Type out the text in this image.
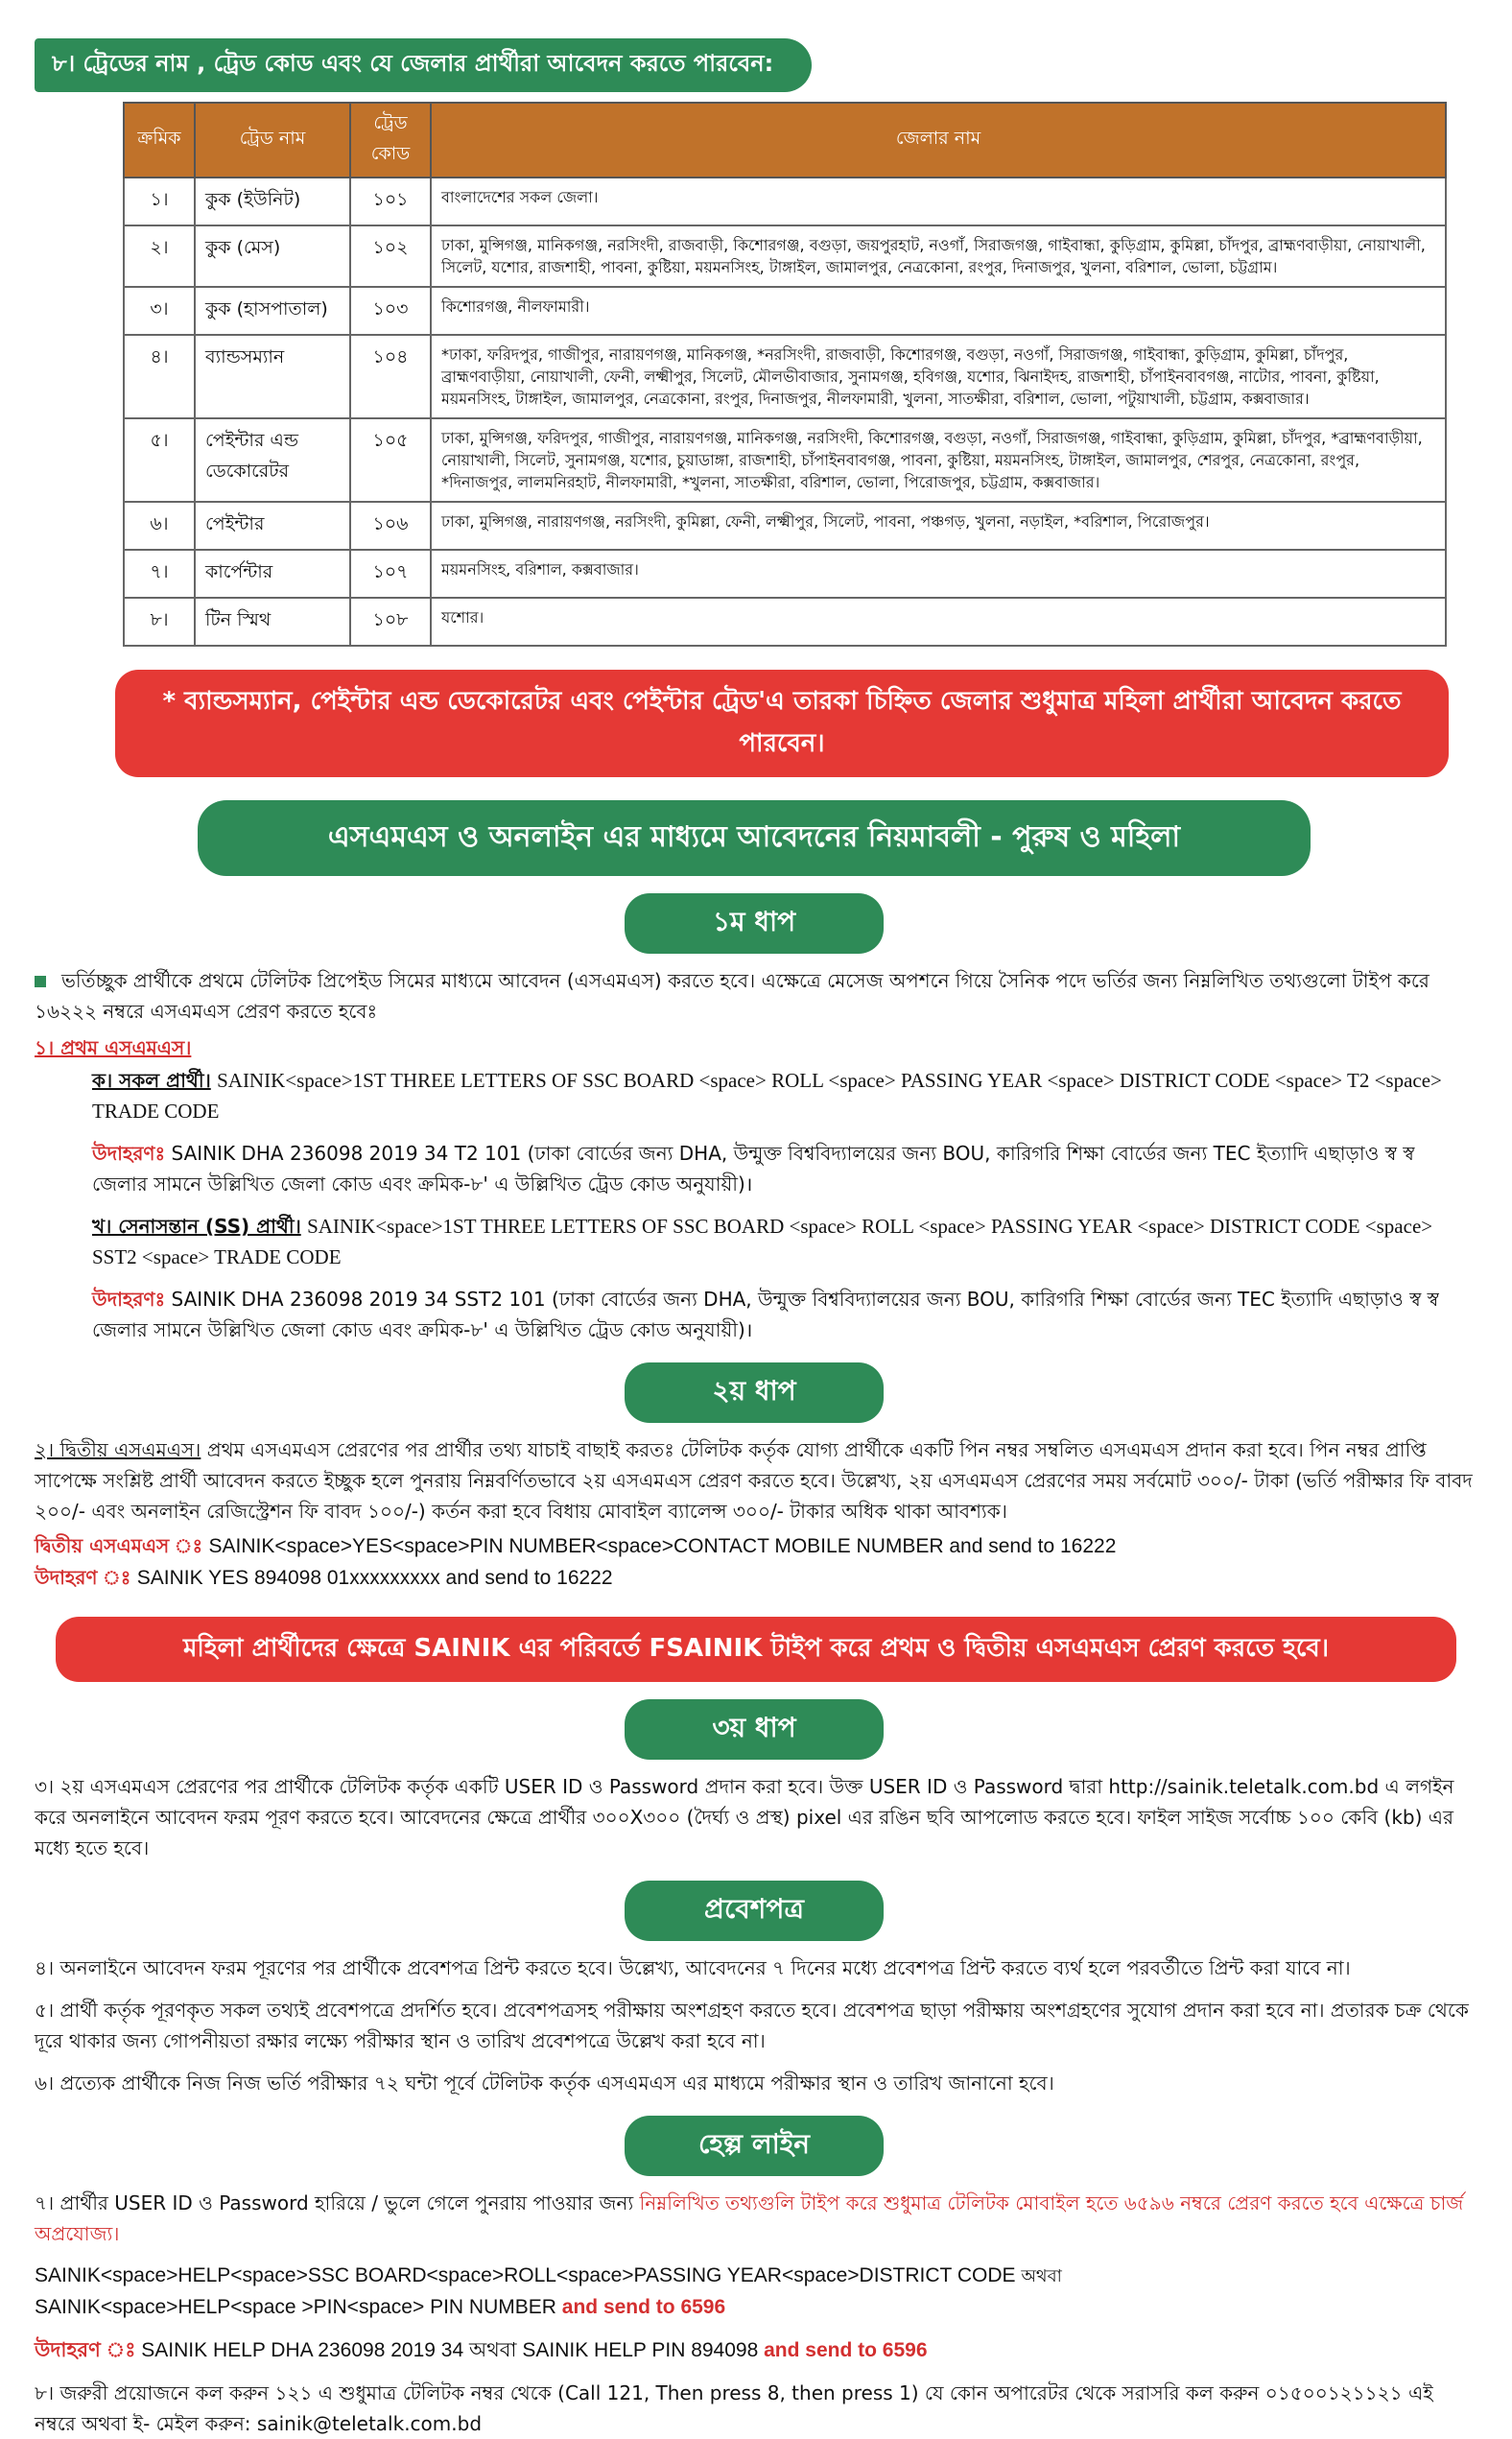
৮। ট্রেডের নাম , ট্রেড কোড এবং যে জেলার প্রার্থীরা আবেদন করতে পারবেন:
ক্রমিক	ট্রেড নাম	ট্রেড কোড	জেলার নাম
১।	কুক (ইউনিট)	১০১	বাংলাদেশের সকল জেলা।
২।	কুক (মেস)	১০২	ঢাকা, মুন্সিগঞ্জ, মানিকগঞ্জ, নরসিংদী, রাজবাড়ী, কিশোরগঞ্জ, বগুড়া, জয়পুরহাট, নওগাঁ, সিরাজগঞ্জ, গাইবান্ধা, কুড়িগ্রাম, কুমিল্লা, চাঁদপুর, ব্রাহ্মণবাড়ীয়া, নোয়াখালী, সিলেট, যশোর, রাজশাহী, পাবনা, কুষ্টিয়া, ময়মনসিংহ, টাঙ্গাইল, জামালপুর, নেত্রকোনা, রংপুর, দিনাজপুর, খুলনা, বরিশাল, ভোলা, চট্টগ্রাম।
৩।	কুক (হাসপাতাল)	১০৩	কিশোরগঞ্জ, নীলফামারী।
৪।	ব্যান্ডসম্যান	১০৪	*ঢাকা, ফরিদপুর, গাজীপুর, নারায়ণগঞ্জ, মানিকগঞ্জ, *নরসিংদী, রাজবাড়ী, কিশোরগঞ্জ, বগুড়া, নওগাঁ, সিরাজগঞ্জ, গাইবান্ধা, কুড়িগ্রাম, কুমিল্লা, চাঁদপুর, ব্রাহ্মণবাড়ীয়া, নোয়াখালী, ফেনী, লক্ষ্মীপুর, সিলেট, মৌলভীবাজার, সুনামগঞ্জ, হবিগঞ্জ, যশোর, ঝিনাইদহ, রাজশাহী, চাঁপাইনবাবগঞ্জ, নাটোর, পাবনা, কুষ্টিয়া, ময়মনসিংহ, টাঙ্গাইল, জামালপুর, নেত্রকোনা, রংপুর, দিনাজপুর, নীলফামারী, খুলনা, সাতক্ষীরা, বরিশাল, ভোলা, পটুয়াখালী, চট্টগ্রাম, কক্সবাজার।
৫।	পেইন্টার এন্ড ডেকোরেটর	১০৫	ঢাকা, মুন্সিগঞ্জ, ফরিদপুর, গাজীপুর, নারায়ণগঞ্জ, মানিকগঞ্জ, নরসিংদী, কিশোরগঞ্জ, বগুড়া, নওগাঁ, সিরাজগঞ্জ, গাইবান্ধা, কুড়িগ্রাম, কুমিল্লা, চাঁদপুর, *ব্রাহ্মণবাড়ীয়া, নোয়াখালী, সিলেট, সুনামগঞ্জ, যশোর, চুয়াডাঙ্গা, রাজশাহী, চাঁপাইনবাবগঞ্জ, পাবনা, কুষ্টিয়া, ময়মনসিংহ, টাঙ্গাইল, জামালপুর, শেরপুর, নেত্রকোনা, রংপুর, *দিনাজপুর, লালমনিরহাট, নীলফামারী, *খুলনা, সাতক্ষীরা, বরিশাল, ভোলা, পিরোজপুর, চট্টগ্রাম, কক্সবাজার।
৬।	পেইন্টার	১০৬	ঢাকা, মুন্সিগঞ্জ, নারায়ণগঞ্জ, নরসিংদী, কুমিল্লা, ফেনী, লক্ষ্মীপুর, সিলেট, পাবনা, পঞ্চগড়, খুলনা, নড়াইল, *বরিশাল, পিরোজপুর।
৭।	কার্পেন্টার	১০৭	ময়মনসিংহ, বরিশাল, কক্সবাজার।
৮।	টিন স্মিথ	১০৮	যশোর।
* ব্যান্ডসম্যান, পেইন্টার এন্ড ডেকোরেটর এবং পেইন্টার ট্রেড'এ তারকা চিহ্নিত জেলার শুধুমাত্র মহিলা প্রার্থীরা আবেদন করতে পারবেন।
এসএমএস ও অনলাইন এর মাধ্যমে আবেদনের নিয়মাবলী - পুরুষ ও মহিলা
১ম ধাপ

ভর্তিচ্ছুক প্রার্থীকে প্রথমে টেলিটক প্রিপেইড সিমের মাধ্যমে আবেদন (এসএমএস) করতে হবে। এক্ষেত্রে মেসেজ অপশনে গিয়ে সৈনিক পদে ভর্তির জন্য নিম্নলিখিত তথ্যগুলো টাইপ করে ১৬২২২ নম্বরে এসএমএস প্রেরণ করতে হবেঃ

১। প্রথম এসএমএস।

ক। সকল প্রার্থী। SAINIK<space>1ST THREE LETTERS OF SSC BOARD <space> ROLL <space> PASSING YEAR <space> DISTRICT CODE <space> T2 <space> TRADE CODE

উদাহরণঃ SAINIK DHA 236098 2019 34 T2 101 (ঢাকা বোর্ডের জন্য DHA, উন্মুক্ত বিশ্ববিদ্যালয়ের জন্য BOU, কারিগরি শিক্ষা বোর্ডের জন্য TEC ইত্যাদি এছাড়াও স্ব স্ব জেলার সামনে উল্লিখিত জেলা কোড এবং ক্রমিক-৮' এ উল্লিখিত ট্রেড কোড অনুযায়ী)।

খ। সেনাসন্তান (SS) প্রার্থী। SAINIK<space>1ST THREE LETTERS OF SSC BOARD <space> ROLL <space> PASSING YEAR <space> DISTRICT CODE <space> SST2 <space> TRADE CODE

উদাহরণঃ SAINIK DHA 236098 2019 34 SST2 101 (ঢাকা বোর্ডের জন্য DHA, উন্মুক্ত বিশ্ববিদ্যালয়ের জন্য BOU, কারিগরি শিক্ষা বোর্ডের জন্য TEC ইত্যাদি এছাড়াও স্ব স্ব জেলার সামনে উল্লিখিত জেলা কোড এবং ক্রমিক-৮' এ উল্লিখিত ট্রেড কোড অনুযায়ী)।

২য় ধাপ

২। দ্বিতীয় এসএমএস। প্রথম এসএমএস প্রেরণের পর প্রার্থীর তথ্য যাচাই বাছাই করতঃ টেলিটক কর্তৃক যোগ্য প্রার্থীকে একটি পিন নম্বর সম্বলিত এসএমএস প্রদান করা হবে। পিন নম্বর প্রাপ্তি সাপেক্ষে সংশ্লিষ্ট প্রার্থী আবেদন করতে ইচ্ছুক হলে পুনরায় নিম্নবর্ণিতভাবে ২য় এসএমএস প্রেরণ করতে হবে। উল্লেখ্য, ২য় এসএমএস প্রেরণের সময় সর্বমোট ৩০০/- টাকা (ভর্তি পরীক্ষার ফি বাবদ ২০০/- এবং অনলাইন রেজিস্ট্রেশন ফি বাবদ ১০০/-) কর্তন করা হবে বিধায় মোবাইল ব্যালেন্স ৩০০/- টাকার অধিক থাকা আবশ্যক।

দ্বিতীয় এসএমএস ঃ SAINIK<space>YES<space>PIN NUMBER<space>CONTACT MOBILE NUMBER and send to 16222

উদাহরণ ঃ SAINIK YES 894098 01xxxxxxxxx and send to 16222

মহিলা প্রার্থীদের ক্ষেত্রে SAINIK এর পরিবর্তে FSAINIK টাইপ করে প্রথম ও দ্বিতীয় এসএমএস প্রেরণ করতে হবে।
৩য় ধাপ

৩। ২য় এসএমএস প্রেরণের পর প্রার্থীকে টেলিটক কর্তৃক একটি USER ID ও Password প্রদান করা হবে। উক্ত USER ID ও Password দ্বারা http://sainik.teletalk.com.bd এ লগইন করে অনলাইনে আবেদন ফরম পূরণ করতে হবে। আবেদনের ক্ষেত্রে প্রার্থীর ৩০০X৩০০ (দৈর্ঘ্য ও প্রস্থ) pixel এর রঙিন ছবি আপলোড করতে হবে। ফাইল সাইজ সর্বোচ্চ ১০০ কেবি (kb) এর মধ্যে হতে হবে।

প্রবেশপত্র

৪। অনলাইনে আবেদন ফরম পূরণের পর প্রার্থীকে প্রবেশপত্র প্রিন্ট করতে হবে। উল্লেখ্য, আবেদনের ৭ দিনের মধ্যে প্রবেশপত্র প্রিন্ট করতে ব্যর্থ হলে পরবর্তীতে প্রিন্ট করা যাবে না।

৫। প্রার্থী কর্তৃক পূরণকৃত সকল তথ্যই প্রবেশপত্রে প্রদর্শিত হবে। প্রবেশপত্রসহ পরীক্ষায় অংশগ্রহণ করতে হবে। প্রবেশপত্র ছাড়া পরীক্ষায় অংশগ্রহণের সুযোগ প্রদান করা হবে না। প্রতারক চক্র থেকে দূরে থাকার জন্য গোপনীয়তা রক্ষার লক্ষ্যে পরীক্ষার স্থান ও তারিখ প্রবেশপত্রে উল্লেখ করা হবে না।

৬। প্রত্যেক প্রার্থীকে নিজ নিজ ভর্তি পরীক্ষার ৭২ ঘন্টা পূর্বে টেলিটক কর্তৃক এসএমএস এর মাধ্যমে পরীক্ষার স্থান ও তারিখ জানানো হবে।

হেল্প লাইন

৭। প্রার্থীর USER ID ও Password হারিয়ে / ভুলে গেলে পুনরায় পাওয়ার জন্য নিম্নলিখিত তথ্যগুলি টাইপ করে শুধুমাত্র টেলিটক মোবাইল হতে ৬৫৯৬ নম্বরে প্রেরণ করতে হবে এক্ষেত্রে চার্জ অপ্রযোজ্য।

SAINIK<space>HELP<space>SSC BOARD<space>ROLL<space>PASSING YEAR<space>DISTRICT CODE অথবা

SAINIK<space>HELP<space >PIN<space> PIN NUMBER and send to 6596

উদাহরণ ঃ SAINIK HELP DHA 236098 2019 34 অথবা SAINIK HELP PIN 894098 and send to 6596

৮। জরুরী প্রয়োজনে কল করুন ১২১ এ শুধুমাত্র টেলিটক নম্বর থেকে (Call 121, Then press 8, then press 1) যে কোন অপারেটর থেকে সরাসরি কল করুন ০১৫০০১২১১২১ এই নম্বরে অথবা ই- মেইল করুন: sainik@teletalk.com.bd
